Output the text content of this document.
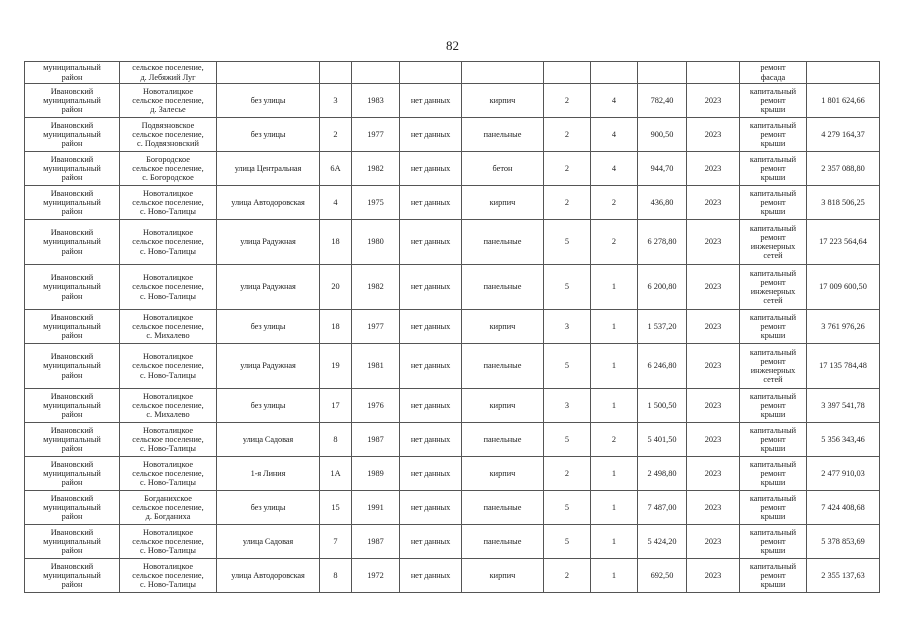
82
муниципальный
район	сельское поселение,
д. Лебяжий Луг										ремонт
фасада	
Ивановский
муниципальный
район	Новоталицкое
сельское поселение,
д. Залесье	без улицы	3	1983	нет данных	кирпич	2	4	782,40	2023	капитальный
ремонт
крыши	1 801 624,66
Ивановский
муниципальный
район	Подвязновское
сельское поселение,
с. Подвязновский	без улицы	2	1977	нет данных	панельные	2	4	900,50	2023	капитальный
ремонт
крыши	4 279 164,37
Ивановский
муниципальный
район	Богородское
сельское поселение,
с. Богородское	улица Центральная	6А	1982	нет данных	бетон	2	4	944,70	2023	капитальный
ремонт
крыши	2 357 088,80
Ивановский
муниципальный
район	Новоталицкое
сельское поселение,
с. Ново-Талицы	улица Автодоровская	4	1975	нет данных	кирпич	2	2	436,80	2023	капитальный
ремонт
крыши	3 818 506,25
Ивановский
муниципальный
район	Новоталицкое
сельское поселение,
с. Ново-Талицы	улица Радужная	18	1980	нет данных	панельные	5	2	6 278,80	2023	капитальный
ремонт
инженерных
сетей	17 223 564,64
Ивановский
муниципальный
район	Новоталицкое
сельское поселение,
с. Ново-Талицы	улица Радужная	20	1982	нет данных	панельные	5	1	6 200,80	2023	капитальный
ремонт
инженерных
сетей	17 009 600,50
Ивановский
муниципальный
район	Новоталицкое
сельское поселение,
с. Михалево	без улицы	18	1977	нет данных	кирпич	3	1	1 537,20	2023	капитальный
ремонт
крыши	3 761 976,26
Ивановский
муниципальный
район	Новоталицкое
сельское поселение,
с. Ново-Талицы	улица Радужная	19	1981	нет данных	панельные	5	1	6 246,80	2023	капитальный
ремонт
инженерных
сетей	17 135 784,48
Ивановский
муниципальный
район	Новоталицкое
сельское поселение,
с. Михалево	без улицы	17	1976	нет данных	кирпич	3	1	1 500,50	2023	капитальный
ремонт
крыши	3 397 541,78
Ивановский
муниципальный
район	Новоталицкое
сельское поселение,
с. Ново-Талицы	улица Садовая	8	1987	нет данных	панельные	5	2	5 401,50	2023	капитальный
ремонт
крыши	5 356 343,46
Ивановский
муниципальный
район	Новоталицкое
сельское поселение,
с. Ново-Талицы	1-я Линия	1А	1989	нет данных	кирпич	2	1	2 498,80	2023	капитальный
ремонт
крыши	2 477 910,03
Ивановский
муниципальный
район	Богданихское
сельское поселение,
д. Богданиха	без улицы	15	1991	нет данных	панельные	5	1	7 487,00	2023	капитальный
ремонт
крыши	7 424 408,68
Ивановский
муниципальный
район	Новоталицкое
сельское поселение,
с. Ново-Талицы	улица Садовая	7	1987	нет данных	панельные	5	1	5 424,20	2023	капитальный
ремонт
крыши	5 378 853,69
Ивановский
муниципальный
район	Новоталицкое
сельское поселение,
с. Ново-Талицы	улица Автодоровская	8	1972	нет данных	кирпич	2	1	692,50	2023	капитальный
ремонт
крыши	2 355 137,63
